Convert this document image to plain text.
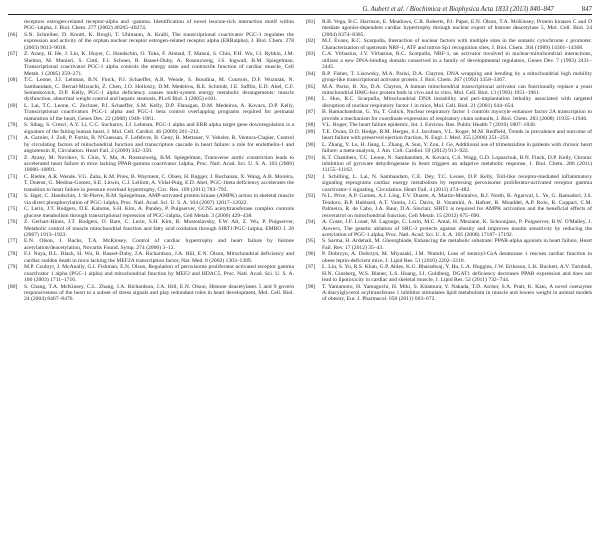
G. Aubert et al. / Biochimica et Biophysica Acta 1833 (2013) 840–847	847
receptors estrogen-related receptor-alpha and -gamma. Identification of novel leucine-rich interaction motif within PGC-1alpha, J. Biol. Chem. 277 (2002) 40265–40274.
[66] S.N. Schreiber, D. Knutti, K. Brogli, T. Uhlmann, A. Kralli, The transcriptional coactivator PGC-1 regulates the expression and activity of the orphan nuclear receptor estrogen-related receptor alpha (ERRalpha), J. Biol. Chem. 278 (2003) 9013–9018.
[67] Z. Arany, H. He, J. Lin, K. Hoyer, C. Handschin, O. Toka, F. Ahmad, T. Matsui, S. Chin, P.H. Wu, I.I. Rybkin, J.M. Shelton, M. Manieri, S. Cinti, F.J. Schoen, R. Bassel-Duby, A. Rosenzweig, J.S. Ingwall, B.M. Spiegelman, Transcriptional coactivator PGC-1 alpha controls the energy state and contractile function of cardiac muscle, Cell Metab. 1 (2005) 259–271.
[68] T.C. Leone, J.J. Lehman, B.N. Finck, P.J. Schaeffer, A.R. Wende, S. Boudina, M. Courtois, D.F. Wozniak, N. Sambandam, C. Bernal-Mizrachi, Z. Chen, J.O. Holloszy, D.M. Medeiros, R.E. Schmidt, J.E. Saffitz, E.D. Abel, C.F. Semenkovich, D.P. Kelly, PGC-1 alpha deficiency causes multi-system energy metabolic derangements: muscle dysfunction, abnormal weight control and hepatic steatosis, PLoS Biol. 3 (2005) e101.
[69] L. Lai, T.C. Leone, C. Zechner, P.J. Schaeffer, S.M. Kelly, D.P. Flanagan, D.M. Medeiros, A. Kovacs, D.P. Kelly, Transcriptional coactivators PGC-1 alpha and PGC-1 beta control overlapping programs required for perinatal maturation of the heart, Genes Dev. 22 (2008) 1948–1961.
[70] S. Sihag, S. Cresci, A.Y. Li, C.C. Sucharov, J.J. Lehman, PGC-1 alpha and ERR alpha target gene downregulation is a signature of the failing human heart, J. Mol. Cell. Cardiol. 46 (2009) 201–212.
[71] A. Garnier, J. Zoll, P. Fortin, B. N'Guessan, F. Lefebvre, B. Geny, B. Mettauer, V. Veksler, R. Ventura-Clapier, Control by circulating factors of mitochondrial function and transcription cascade in heart failure: a role for endothelin-1 and angiotensin II, Circulation. Heart Fail. 2 (2009) 342–350.
[72] Z. Arany, M. Novikov, S. Chin, Y. Ma, A. Rosenzweig, B.M. Spiegelman, Transverse aortic constriction leads to accelerated heart failure in mice lacking PPAR-gamma coactivator 1alpha, Proc. Natl. Acad. Sci. U. S. A. 103 (2006) 10086–10091.
[73] C. Riehle, A.R. Wende, V.G. Zaha, K.M. Pires, B. Wayment, C. Olsen, H. Bugger, J. Buchanan, X. Wang, A.B. Moreira, T. Doenst, G. Medina-Gomez, S.E. Litwin, C.J. Lelliott, A. Vidal-Puig, E.D. Abel, PGC-1beta deficiency accelerates the transition to heart failure in pressure overload hypertrophy, Circ. Res. 109 (2011) 783–793.
[74] S. Jäger, C. Handschin, J. St-Pierre, B.M. Spiegelman, AMP-activated protein kinase (AMPK) action in skeletal muscle via direct phosphorylation of PGC-1alpha, Proc. Natl. Acad. Sci. U. S. A. 104 (2007) 12017–12022.
[75] C. Lerin, J.T. Rodgers, D.E. Kalume, S.H. Kim, A. Pandey, P. Puigserver, GCN5 acetyltransferase complex controls glucose metabolism through transcriptional repression of PGC-1alpha, Cell Metab. 3 (2006) 429–438.
[76] Z. Gerhart-Hines, J.T. Rodgers, O. Bare, C. Lerin, S.H. Kim, R. Mostoslavsky, F.W. Alt, Z. Wu, P. Puigserver, Metabolic control of muscle mitochondrial function and fatty acid oxidation through SIRT1/PGC-1alpha, EMBO J. 26 (2007) 1913–1923.
[77] E.N. Olson, J. Backs, T.A. McKinsey, Control of cardiac hypertrophy and heart failure by histone acetylation/deacetylation, Novartis Found. Symp. 274 (2006) 3–12.
[78] F.J. Naya, B.L. Black, H. Wu, R. Bassel-Duby, J.A. Richardson, J.A. Hill, E.N. Olson, Mitochondrial deficiency and cardiac sudden death in mice lacking the MEF2A transcription factor, Nat. Med. 8 (2002) 1303–1309.
[79] M.P. Czubryt, J. McAnally, G.I. Fishman, E.N. Olson, Regulation of peroxisome proliferator-activated receptor gamma coactivator 1 alpha (PGC-1 alpha) and mitochondrial function by MEF2 and HDAC5, Proc. Natl. Acad. Sci. U. S. A. 100 (2003) 1711–1716.
[80] S. Chang, T.A. McKinsey, C.L. Zhang, J.A. Richardson, J.A. Hill, E.N. Olson, Histone deacetylases 5 and 9 govern responsiveness of the heart to a subset of stress signals and play redundant roles in heart development, Mol. Cell. Biol. 24 (2004) 8467–8476.
[81] R.B. Vega, B.C. Harrison, E. Meadows, C.R. Roberts, P.J. Papst, E.N. Olson, T.A. McKinsey, Protein kinases C and D mediate agonist-dependent cardiac hypertrophy through nuclear export of histone deacetylase 5, Mol. Cell. Biol. 24 (2004) 8374–8385.
[82] M.J. Evans, R.C. Scarpulla, Interaction of nuclear factors with multiple sites in the somatic cytochrome c promoter. Characterization of upstream NRF-1, ATF and intron Sp1 recognition sites, J. Biol. Chem. 264 (1989) 14361–14368.
[83] C.A. Virbasius, J.V. Virbasius, R.C. Scarpulla, NRF-1, an activator involved in nuclear-mitochondrial interactions, utilizes a new DNA-binding domain conserved in a family of developmental regulators, Genes Dev. 7 (1993) 2431–2445.
[84] R.P. Fisher, T. Lisowsky, M.A. Parisi, D.A. Clayton, DNA wrapping and bending by a mitochondrial high mobility group-like transcriptional activator protein, J. Biol. Chem. 267 (1992) 3358–3367.
[85] M.A. Parisi, B. Xu, D.A. Clayton, A human mitochondrial transcriptional activator can functionally replace a yeast mitochondrial HMG-box protein both in vivo and in vitro, Mol. Cell. Biol. 13 (1993) 1951–1961.
[86] L. Huo, R.C. Scarpulla, Mitochondrial DNA instability and peri-implantation lethality associated with targeted disruption of nuclear respiratory factor 1 in mice, Mol. Cell. Biol. 21 (2001) 644–654.
[87] B. Ramachandran, G. Yu, T. Gulick, Nuclear respiratory factor 1 controls myocyte enhancer factor 2A transcription to provide a mechanism for coordinate expression of respiratory chain subunits, J. Biol. Chem. 283 (2008) 11935–11946.
[88] V.L. Roger, The heart failure epidemic, Int. J. Environ. Res. Public Health 7 (2010) 1807–1830.
[89] T.E. Owan, D.O. Hodge, R.M. Herges, S.J. Jacobsen, V.L. Roger, M.M. Redfield, Trends in prevalence and outcome of heart failure with preserved ejection fraction, N. Engl. J. Med. 355 (2006) 251–259.
[90] L. Zhang, Y. Lu, H. Jiang, L. Zhang, A. Sun, Y. Zou, J. Ge, Additional use of trimetazidine in patients with chronic heart failure: a meta-analysis, J. Am. Coll. Cardiol. 59 (2012) 913–922.
[91] K.T. Chambers, T.C. Leone, N. Sambandam, A. Kovacs, C.S. Wagg, G.D. Lopaschuk, B.N. Finck, D.P. Kelly, Chronic inhibition of pyruvate dehydrogenase in heart triggers an adaptive metabolic response, J. Biol. Chem. 286 (2011) 11155–11162.
[92] J. Schilling, L. Lai, N. Sambandam, C.E. Dey, T.C. Leone, D.P. Kelly, Toll-like receptor-mediated inflammatory signaling reprograms cardiac energy metabolism by repressing peroxisome proliferator-activated receptor gamma coactivator-1 signaling, Circulation. Heart Fail. 4 (2011) 474–482.
[93] N.L. Price, A.P. Gomes, A.J. Ling, F.V. Duarte, A. Martin-Montalvo, B.J. North, B. Agarwal, L. Ye, G. Ramadori, J.S. Teodoro, B.P. Hubbard, A.T. Varela, J.G. Davis, B. Varamini, A. Hafner, R. Moaddel, A.P. Rolo, R. Coppari, C.M. Palmeira, R. de Cabo, J.A. Baur, D.A. Sinclair, SIRT1 is required for AMPK activation and the beneficial effects of resveratrol on mitochondrial function, Cell Metab. 15 (2012) 675–690.
[94] A. Coste, J.F. Louet, M. Lagouge, C. Lerin, M.C. Antal, H. Meziane, K. Schoonjans, P. Puigserver, B.W. O'Malley, J. Auwerx, The genetic ablation of SRC-3 protects against obesity and improves insulin sensitivity by reducing the acetylation of PGC-1 alpha, Proc. Natl. Acad. Sci. U. S. A. 105 (2008) 17187–17192.
[95] S. Sarma, H. Ardehali, M. Gheorghiade, Enhancing the metabolic substrate: PPAR-alpha agonists in heart failure, Heart Fail. Rev. 17 (2012) 35–43.
[96] P. Dobrzyn, A. Dobrzyn, M. Miyazaki, J.M. Ntambi, Loss of stearoyl-CoA desaturase 1 rescues cardiac function in obese leptin-deficient mice, J. Lipid Res. 51 (2010) 2202–2210.
[97] L. Liu, S. Yu, R.S. Khan, G.P. Ables, K.G. Bharadwaj, Y. Hu, L.A. Huggins, J.W. Eriksson, L.K. Buckett, A.V. Turnbull, H.N. Ginsberg, W.S. Blaner, L.S. Huang, I.J. Goldberg, DGAT1 deficiency decreases PPAR expression and does not lead to lipotoxicity in cardiac and skeletal muscle, J. Lipid Res. 52 (2011) 732–744.
[98] T. Yamamoto, H. Yamaguchi, H. Miki, S. Kitamura, Y. Nakada, T.D. Aicher, S.A. Pratt, K. Kato, A novel coenzyme A:diacylglycerol acyltransferase 1 inhibitor stimulates lipid metabolism in muscle and lowers weight in animal models of obesity, Eur. J. Pharmacol. 650 (2011) 663–672.
